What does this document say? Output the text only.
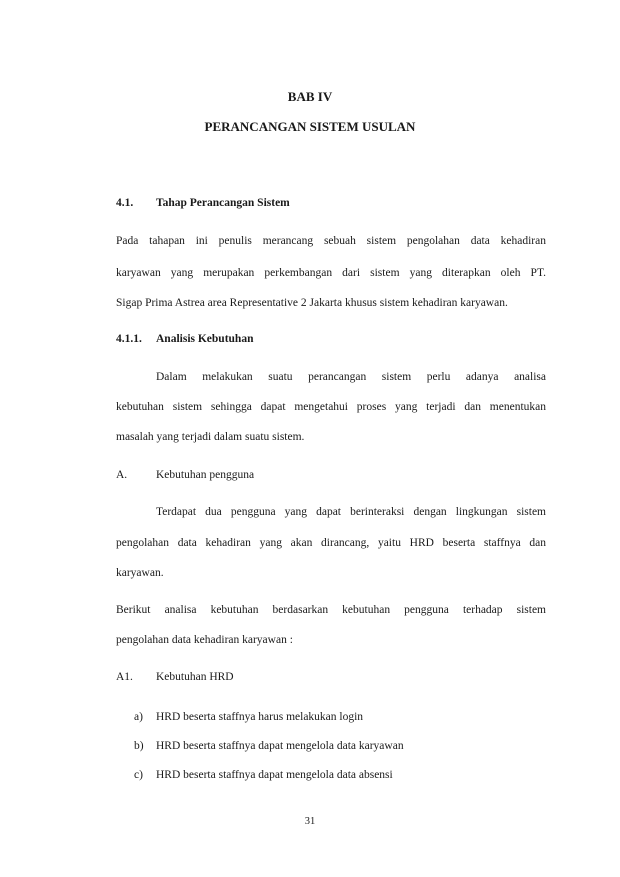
BAB IV
PERANCANGAN SISTEM USULAN
4.1. Tahap Perancangan Sistem
Pada tahapan ini penulis merancang sebuah sistem pengolahan data kehadiran
karyawan yang merupakan perkembangan dari sistem yang diterapkan oleh PT.
Sigap Prima Astrea area Representative 2 Jakarta khusus sistem kehadiran karyawan.
4.1.1. Analisis Kebutuhan
Dalam melakukan suatu perancangan sistem perlu adanya analisa
kebutuhan sistem sehingga dapat mengetahui proses yang terjadi dan menentukan
masalah yang terjadi dalam suatu sistem.
A.	Kebutuhan pengguna
Terdapat dua pengguna yang dapat berinteraksi dengan lingkungan sistem
pengolahan data kehadiran yang akan dirancang, yaitu HRD beserta staffnya dan
karyawan.
Berikut analisa kebutuhan berdasarkan kebutuhan pengguna terhadap sistem
pengolahan data kehadiran karyawan :
A1. Kebutuhan HRD
a) HRD beserta staffnya harus melakukan login
b) HRD beserta staffnya dapat mengelola data karyawan
c) HRD beserta staffnya dapat mengelola data absensi
31
